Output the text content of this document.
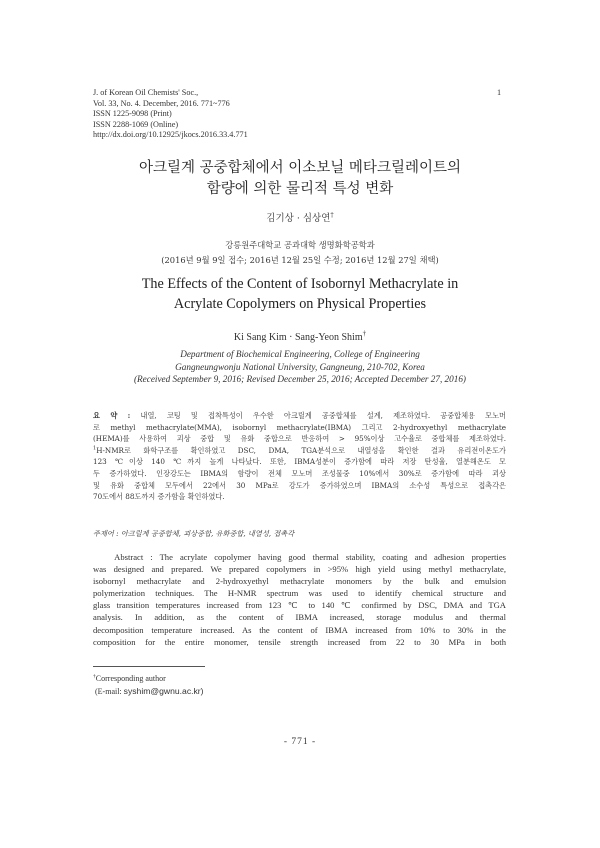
J. of Korean Oil Chemists' Soc.,
Vol. 33, No. 4. December, 2016. 771~776
ISSN 1225-9098 (Print)
ISSN 2288-1069 (Online)
http://dx.doi.org/10.12925/jkocs.2016.33.4.771
1
아크릴계 공중합체에서 이소보닐 메타크릴레이트의
함량에 의한 물리적 특성 변화
김기상 · 심상연†
강릉원주대학교 공과대학 생명화학공학과
(2016년 9월 9일 접수; 2016년 12월 25일 수정; 2016년 12월 27일 채택)
The Effects of the Content of Isobornyl Methacrylate in
Acrylate Copolymers on Physical Properties
Ki Sang Kim · Sang-Yeon Shim†
Department of Biochemical Engineering, College of Engineering
Gangneungwonju National University, Gangneung, 210-702, Korea
(Received September 9, 2016; Revised December 25, 2016; Accepted December 27, 2016)
요 약 : 내열, 코팅 및 접착특성이 우수한 아크릴계 공중합체를 설계, 제조하였다. 공중합체용 모노머
로 methyl methacrylate(MMA), isobornyl methacrylate(IBMA) 그리고 2-hydroxyethyl methacrylate
(HEMA)를 사용하여 괴상 중합 및 유화 중합으로 반응하여 > 95%이상 고수율로 중합체를 제조하였다.
$^1$H-NMR로 화학구조를 확인하였고 DSC, DMA, TGA분석으로 내열성을 확인한 결과 유리전이온도가
123 ℃이상 140 ℃까지 높게 나타났다. 또한, IBMA성분이 증가함에 따라 저장 탄성율, 열분해온도 모
두 증가하였다. 인장강도는 IBMA의 함량이 전체 모노머 조성물중 10%에서 30%로 증가함에 따라 괴상
및 유화 중합체 모두에서 22에서 30 MPa로 강도가 증가하였으며 IBMA의 소수성 특성으로 접촉각은
70도에서 88도까지 증가함을 확인하였다.
주제어 : 아크릴계 공중합체, 괴상중합, 유화중합, 내열성, 접촉각
Abstract : The acrylate copolymer having good thermal stability, coating and adhesion properties
was designed and prepared. We prepared copolymers in >95% high yield using methyl methacrylate,
isobornyl methacrylate and 2-hydroxyethyl methacrylate monomers by the bulk and emulsion
polymerization techniques. The H-NMR spectrum was used to identify chemical structure and
glass transition temperatures increased from 123 ℃ to 140 ℃ confirmed by DSC, DMA and TGA
analysis. In addition, as the content of IBMA increased, storage modulus and thermal
decomposition temperature increased. As the content of IBMA increased from 10% to 30% in the
composition for the entire monomer, tensile strength increased from 22 to 30 MPa in both
†Corresponding author
(E-mail: syshim@gwnu.ac.kr)
- 771 -
